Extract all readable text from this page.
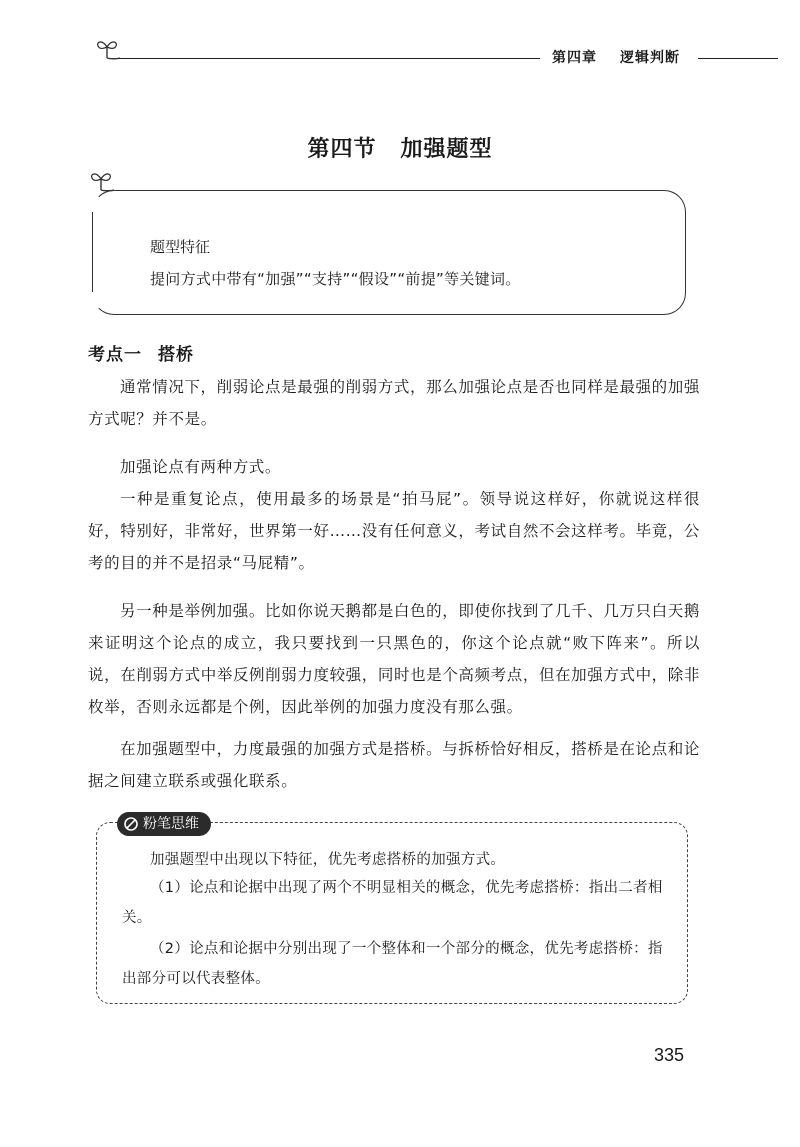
第四章 逻辑判断
第四节 加强题型
题型特征
提问方式中带有“加强”“支持”“假设”“前提”等关键词。
考点一 搭桥

通常情况下，削弱论点是最强的削弱方式，那么加强论点是否也同样是最强的加强方式呢？并不是。

加强论点有两种方式。

一种是重复论点，使用最多的场景是“拍马屁”。领导说这样好，你就说这样很好，特别好，非常好，世界第一好……没有任何意义，考试自然不会这样考。毕竟，公考的目的并不是招录“马屁精”。

另一种是举例加强。比如你说天鹅都是白色的，即使你找到了几千、几万只白天鹅来证明这个论点的成立，我只要找到一只黑色的，你这个论点就“败下阵来”。所以说，在削弱方式中举反例削弱力度较强，同时也是个高频考点，但在加强方式中，除非枚举，否则永远都是个例，因此举例的加强力度没有那么强。

在加强题型中，力度最强的加强方式是搭桥。与拆桥恰好相反，搭桥是在论点和论据之间建立联系或强化联系。

粉笔思维

加强题型中出现以下特征，优先考虑搭桥的加强方式。

（1）论点和论据中出现了两个不明显相关的概念，优先考虑搭桥：指出二者相关。

（2）论点和论据中分别出现了一个整体和一个部分的概念，优先考虑搭桥：指出部分可以代表整体。

335
